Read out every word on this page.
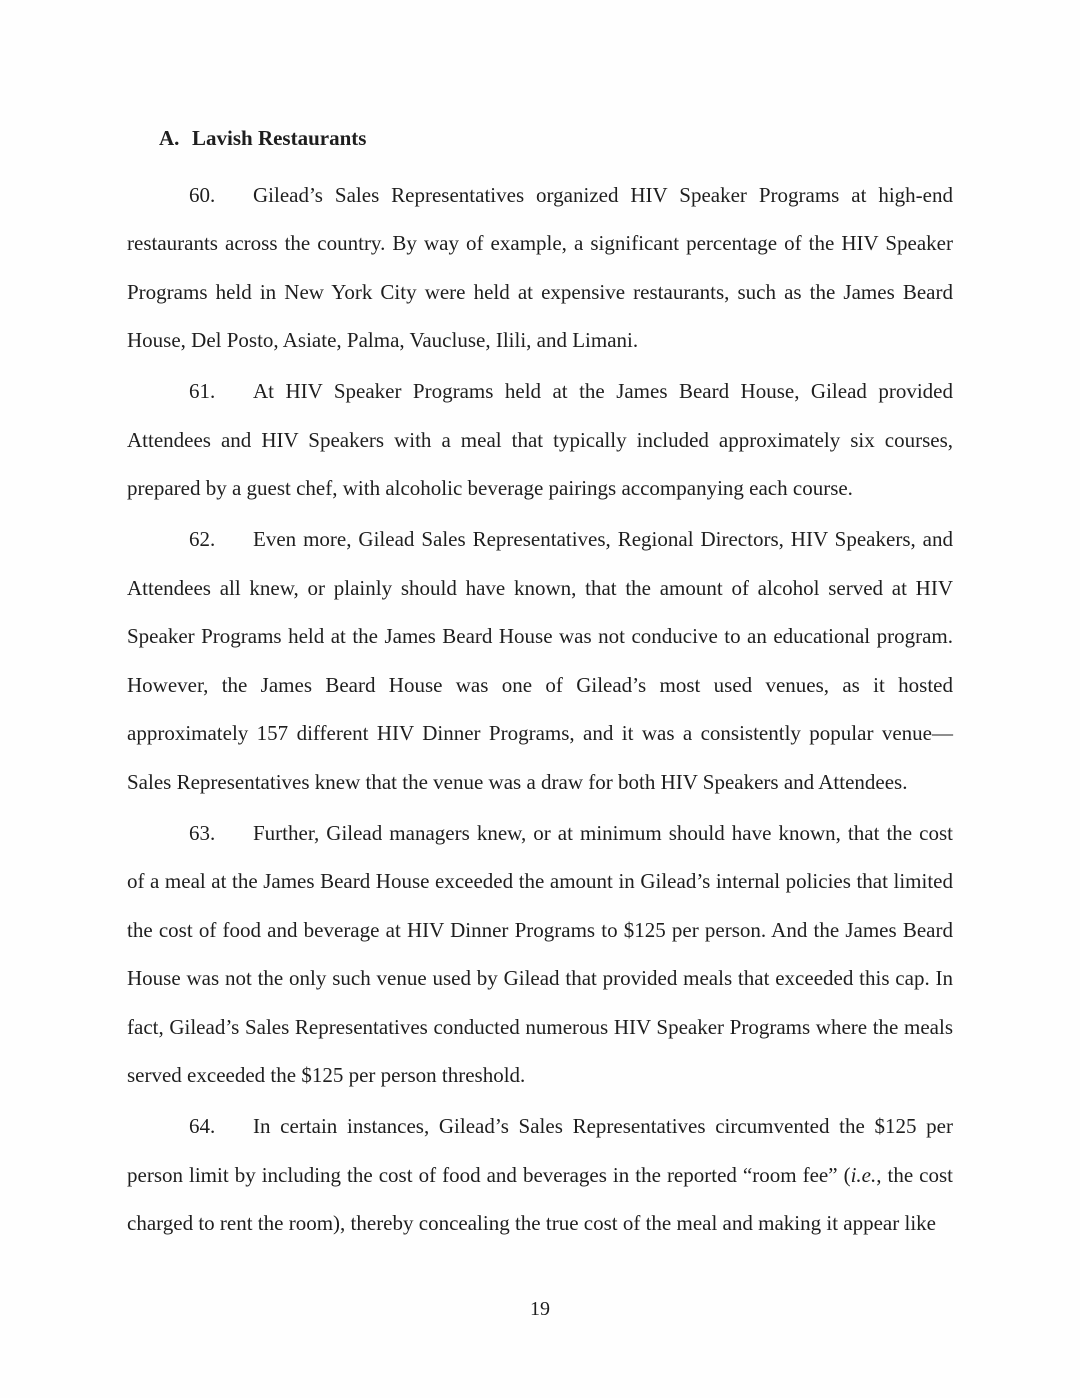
A. Lavish Restaurants

60. Gilead’s Sales Representatives organized HIV Speaker Programs at high-end restaurants across the country. By way of example, a significant percentage of the HIV Speaker Programs held in New York City were held at expensive restaurants, such as the James Beard House, Del Posto, Asiate, Palma, Vaucluse, Ilili, and Limani.

61. At HIV Speaker Programs held at the James Beard House, Gilead provided Attendees and HIV Speakers with a meal that typically included approximately six courses, prepared by a guest chef, with alcoholic beverage pairings accompanying each course.

62. Even more, Gilead Sales Representatives, Regional Directors, HIV Speakers, and Attendees all knew, or plainly should have known, that the amount of alcohol served at HIV Speaker Programs held at the James Beard House was not conducive to an educational program. However, the James Beard House was one of Gilead’s most used venues, as it hosted approximately 157 different HIV Dinner Programs, and it was a consistently popular venue—Sales Representatives knew that the venue was a draw for both HIV Speakers and Attendees.

63. Further, Gilead managers knew, or at minimum should have known, that the cost of a meal at the James Beard House exceeded the amount in Gilead’s internal policies that limited the cost of food and beverage at HIV Dinner Programs to $125 per person. And the James Beard House was not the only such venue used by Gilead that provided meals that exceeded this cap. In fact, Gilead’s Sales Representatives conducted numerous HIV Speaker Programs where the meals served exceeded the $125 per person threshold.

64. In certain instances, Gilead’s Sales Representatives circumvented the $125 per person limit by including the cost of food and beverages in the reported “room fee” (i.e., the cost charged to rent the room), thereby concealing the true cost of the meal and making it appear like

19
